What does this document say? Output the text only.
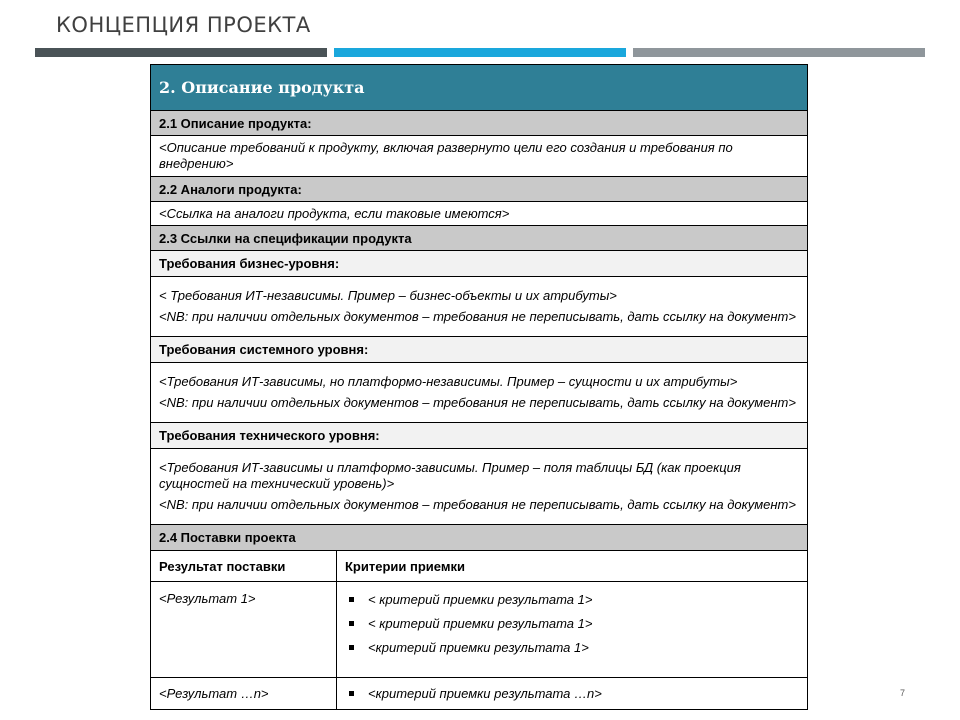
КОНЦЕПЦИЯ ПРОЕКТА
2. Описание продукта
2.1 Описание продукта:

<Описание требований к продукту, включая развернуто цели его создания и требования по внедрению>

2.2 Аналоги продукта:

<Ссылка на аналоги продукта, если таковые имеются>

2.3 Ссылки на спецификации продукта
Требования бизнес-уровня:

< Требования ИТ-независимы. Пример – бизнес-объекты и их атрибуты>

<NB: при наличии отдельных документов – требования не переписывать, дать ссылку на документ>

Требования системного уровня:

<Требования ИТ-зависимы, но платформо-независимы. Пример – сущности и их атрибуты>

<NB: при наличии отдельных документов – требования не переписывать, дать ссылку на документ>

Требования технического уровня:

<Требования ИТ-зависимы и платформо-зависимы. Пример – поля таблицы БД (как проекция сущностей на технический уровень)>

<NB: при наличии отдельных документов – требования не переписывать, дать ссылку на документ>

2.4 Поставки проекта
Результат поставки	Критерии приемки
<Результат 1>	< критерий приемки результата 1>
< критерий приемки результата 1>
<критерий приемки результата 1>
<Результат …n>	<критерий приемки результата …n>	7
